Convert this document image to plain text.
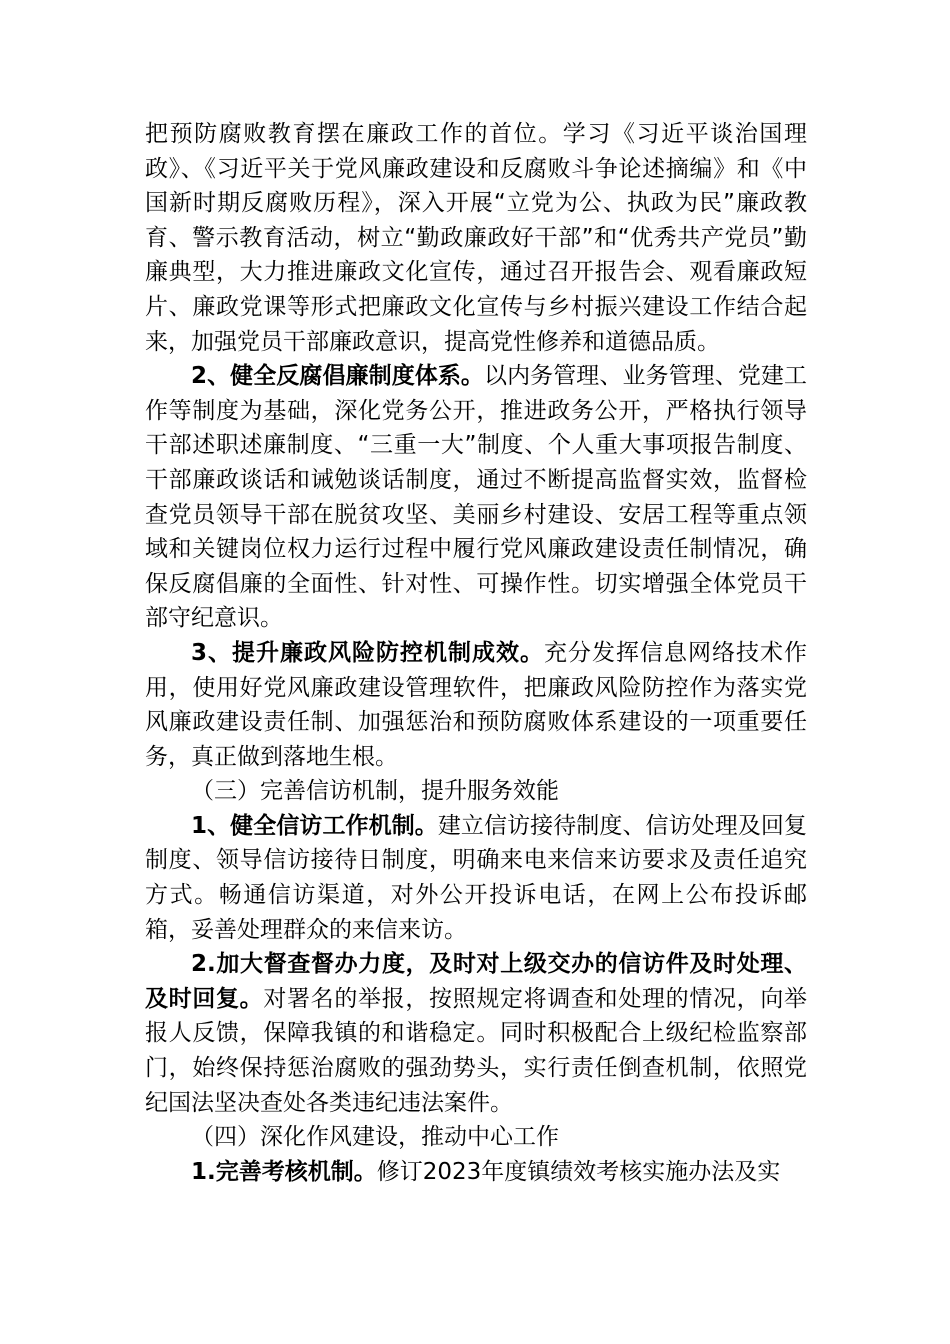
把预防腐败教育摆在廉政工作的首位。学习《习近平谈治国理政》、《习近平关于党风廉政建设和反腐败斗争论述摘编》和《中国新时期反腐败历程》，深入开展“立党为公、执政为民”廉政教育、警示教育活动，树立“勤政廉政好干部”和“优秀共产党员”勤廉典型，大力推进廉政文化宣传，通过召开报告会、观看廉政短片、廉政党课等形式把廉政文化宣传与乡村振兴建设工作结合起来，加强党员干部廉政意识，提高党性修养和道德品质。

2、健全反腐倡廉制度体系。以内务管理、业务管理、党建工作等制度为基础，深化党务公开，推进政务公开，严格执行领导干部述职述廉制度、“三重一大”制度、个人重大事项报告制度、干部廉政谈话和诫勉谈话制度，通过不断提高监督实效，监督检查党员领导干部在脱贫攻坚、美丽乡村建设、安居工程等重点领域和关键岗位权力运行过程中履行党风廉政建设责任制情况，确保反腐倡廉的全面性、针对性、可操作性。切实增强全体党员干部守纪意识。

3、提升廉政风险防控机制成效。充分发挥信息网络技术作用，使用好党风廉政建设管理软件，把廉政风险防控作为落实党风廉政建设责任制、加强惩治和预防腐败体系建设的一项重要任务，真正做到落地生根。

（三）完善信访机制，提升服务效能

1、健全信访工作机制。建立信访接待制度、信访处理及回复制度、领导信访接待日制度，明确来电来信来访要求及责任追究方式。畅通信访渠道，对外公开投诉电话，在网上公布投诉邮箱，妥善处理群众的来信来访。

2.加大督查督办力度，及时对上级交办的信访件及时处理、及时回复。对署名的举报，按照规定将调查和处理的情况，向举报人反馈，保障我镇的和谐稳定。同时积极配合上级纪检监察部门，始终保持惩治腐败的强劲势头，实行责任倒查机制，依照党纪国法坚决查处各类违纪违法案件。

（四）深化作风建设，推动中心工作

1.完善考核机制。修订2023年度镇绩效考核实施办法及实
